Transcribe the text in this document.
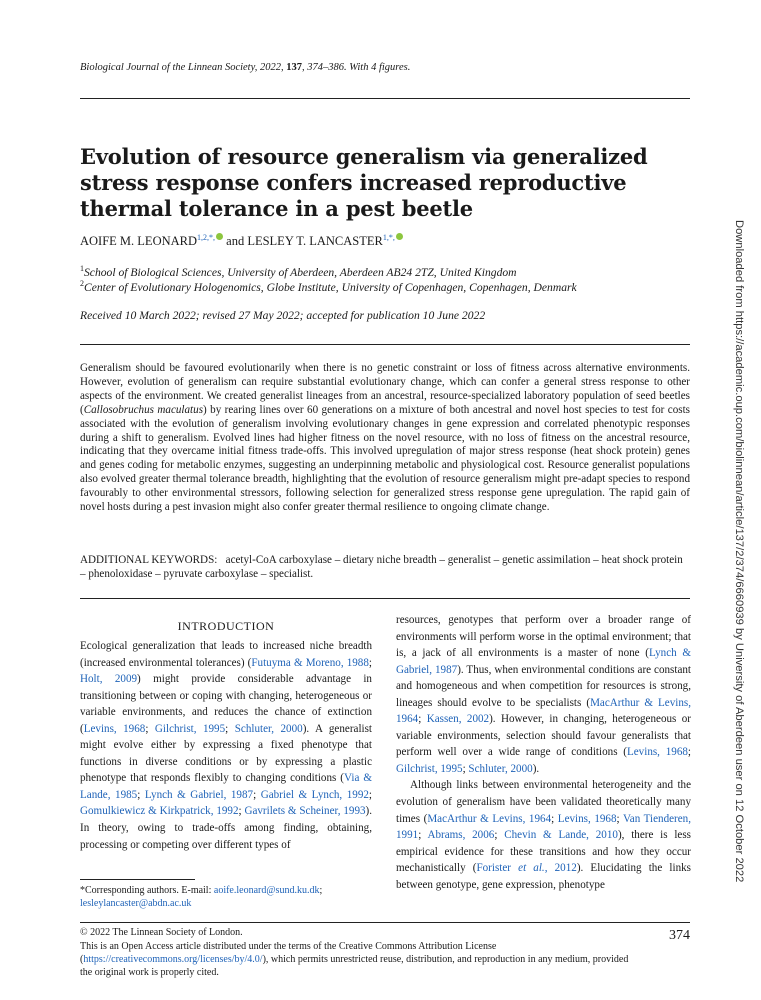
Biological Journal of the Linnean Society, 2022, 137, 374–386. With 4 figures.
Evolution of resource generalism via generalized stress response confers increased reproductive thermal tolerance in a pest beetle
AOIFE M. $LEONARD^{1,2,*,}$ and LESLEY T. $LANCASTER^{1,*,}$
$^1$School of Biological Sciences, University of Aberdeen, Aberdeen AB24 2TZ, United Kingdom
$^2$Center of Evolutionary Hologenomics, Globe Institute, University of Copenhagen, Copenhagen, Denmark
Received 10 March 2022; revised 27 May 2022; accepted for publication 10 June 2022
Generalism should be favoured evolutionarily when there is no genetic constraint or loss of fitness across alternative environments. However, evolution of generalism can require substantial evolutionary change, which can confer a general stress response to other aspects of the environment. We created generalist lineages from an ancestral, resource-specialized laboratory population of seed beetles (Callosobruchus maculatus) by rearing lines over 60 generations on a mixture of both ancestral and novel host species to test for costs associated with the evolution of generalism involving evolutionary changes in gene expression and correlated phenotypic responses during a shift to generalism. Evolved lines had higher fitness on the novel resource, with no loss of fitness on the ancestral resource, indicating that they overcame initial fitness trade-offs. This involved upregulation of major stress response (heat shock protein) genes and genes coding for metabolic enzymes, suggesting an underpinning metabolic and physiological cost. Resource generalist populations also evolved greater thermal tolerance breadth, highlighting that the evolution of resource generalism might pre-adapt species to respond favourably to other environmental stressors, following selection for generalized stress response gene upregulation. The rapid gain of novel hosts during a pest invasion might also confer greater thermal resilience to ongoing climate change.
ADDITIONAL KEYWORDS: acetyl-CoA carboxylase – dietary niche breadth – generalist – genetic assimilation – heat shock protein – phenoloxidase – pyruvate carboxylase – specialist.
INTRODUCTION
Ecological generalization that leads to increased niche breadth (increased environmental tolerances) (Futuyma & Moreno, 1988; Holt, 2009) might provide considerable advantage in transitioning between or coping with changing, heterogeneous or variable environments, and reduces the chance of extinction (Levins, 1968; Gilchrist, 1995; Schluter, 2000). A generalist might evolve either by expressing a fixed phenotype that functions in diverse conditions or by expressing a plastic phenotype that responds flexibly to changing conditions (Via & Lande, 1985; Lynch & Gabriel, 1987; Gabriel & Lynch, 1992; Gomulkiewicz & Kirkpatrick, 1992; Gavrilets & Scheiner, 1993). In theory, owing to trade-offs among finding, obtaining, processing or competing over different types of
resources, genotypes that perform over a broader range of environments will perform worse in the optimal environment; that is, a jack of all environments is a master of none (Lynch & Gabriel, 1987). Thus, when environmental conditions are constant and homogeneous and when competition for resources is strong, lineages should evolve to be specialists (MacArthur & Levins, 1964; Kassen, 2002). However, in changing, heterogeneous or variable environments, selection should favour generalists that perform well over a wide range of conditions (Levins, 1968; Gilchrist, 1995; Schluter, 2000).
Although links between environmental heterogeneity and the evolution of generalism have been validated theoretically many times (MacArthur & Levins, 1964; Levins, 1968; Van Tienderen, 1991; Abrams, 2006; Chevin & Lande, 2010), there is less empirical evidence for these transitions and how they occur mechanistically (Forister et al., 2012). Elucidating the links between genotype, gene expression, phenotype
*Corresponding authors. E-mail: aoife.leonard@sund.ku.dk; lesleylancaster@abdn.ac.uk
© 2022 The Linnean Society of London.	374
This is an Open Access article distributed under the terms of the Creative Commons Attribution License (https://creativecommons.org/licenses/by/4.0/), which permits unrestricted reuse, distribution, and reproduction in any medium, provided the original work is properly cited.
Downloaded from https://academic.oup.com/biolinnean/article/137/2/374/6660939 by University of Aberdeen user on 12 October 2022
